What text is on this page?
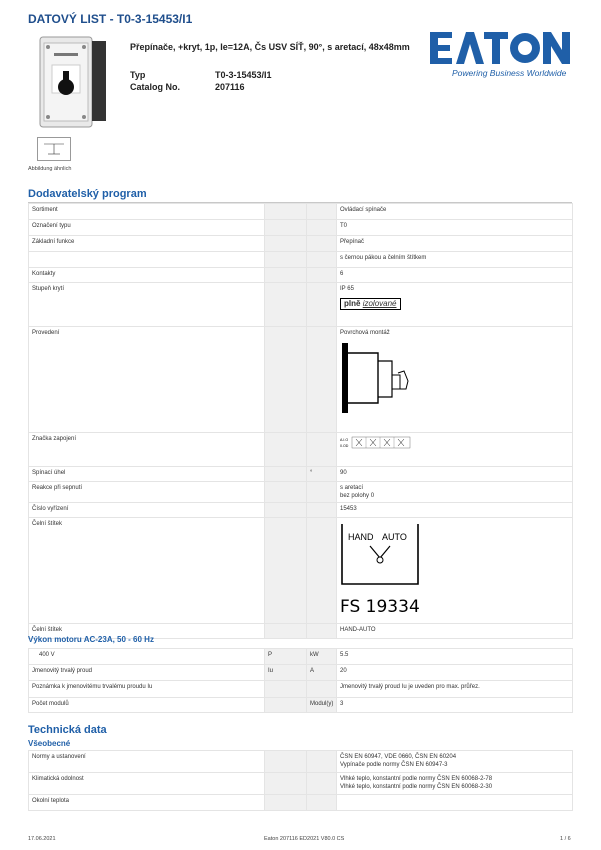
DATOVÝ LIST - T0-3-15453/I1
Abbildung ähnlich
Přepínače, +kryt, 1p, Ie=12A, Čs USV SÍŤ, 90°, s aretací, 48x48mm
Typ	T0-3-15453/I1
Catalog No.	207116
Powering Business Worldwide
Dodavatelský program
Sortiment			Ovládací spínače
Označení typu			T0
Základní funkce			Přepínač
			s černou pákou a čelním štítkem
Kontakty			6
Stupeň krytí			IP 65
plně izolované
Provedení			Povrchová montáž

Značka zapojení			A.I.O
0.OD

Spínací úhel		°	90
Reakce při sepnutí			s aretací
bez polohy 0

Číslo vyřízení			15453
Čelní štítek			HAND AUTO
FS 19334

Čelní štítek			HAND-AUTO
Výkon motoru AC-23A, 50 - 60 Hz
400 V	P	kW	5.5
Jmenovitý trvalý proud	Iu	A	20
Poznámka k jmenovitému trvalému proudu Iu			Jmenovitý trvalý proud Iu je uveden pro max. průřez.
Počet modulů		Modul(y)	3
Technická data
Všeobecné
Normy a ustanovení			ČSN EN 60947, VDE 0660, ČSN EN 60204
Vypínače podle normy ČSN EN 60947-3

Klimatická odolnost			Vlhké teplo, konstantní podle normy ČSN EN 60068-2-78
Vlhké teplo, konstantní podle normy ČSN EN 60068-2-30

Okolní teplota			
17.06.2021	Eaton 207116 ED2021 V80.0 CS	1 / 6
